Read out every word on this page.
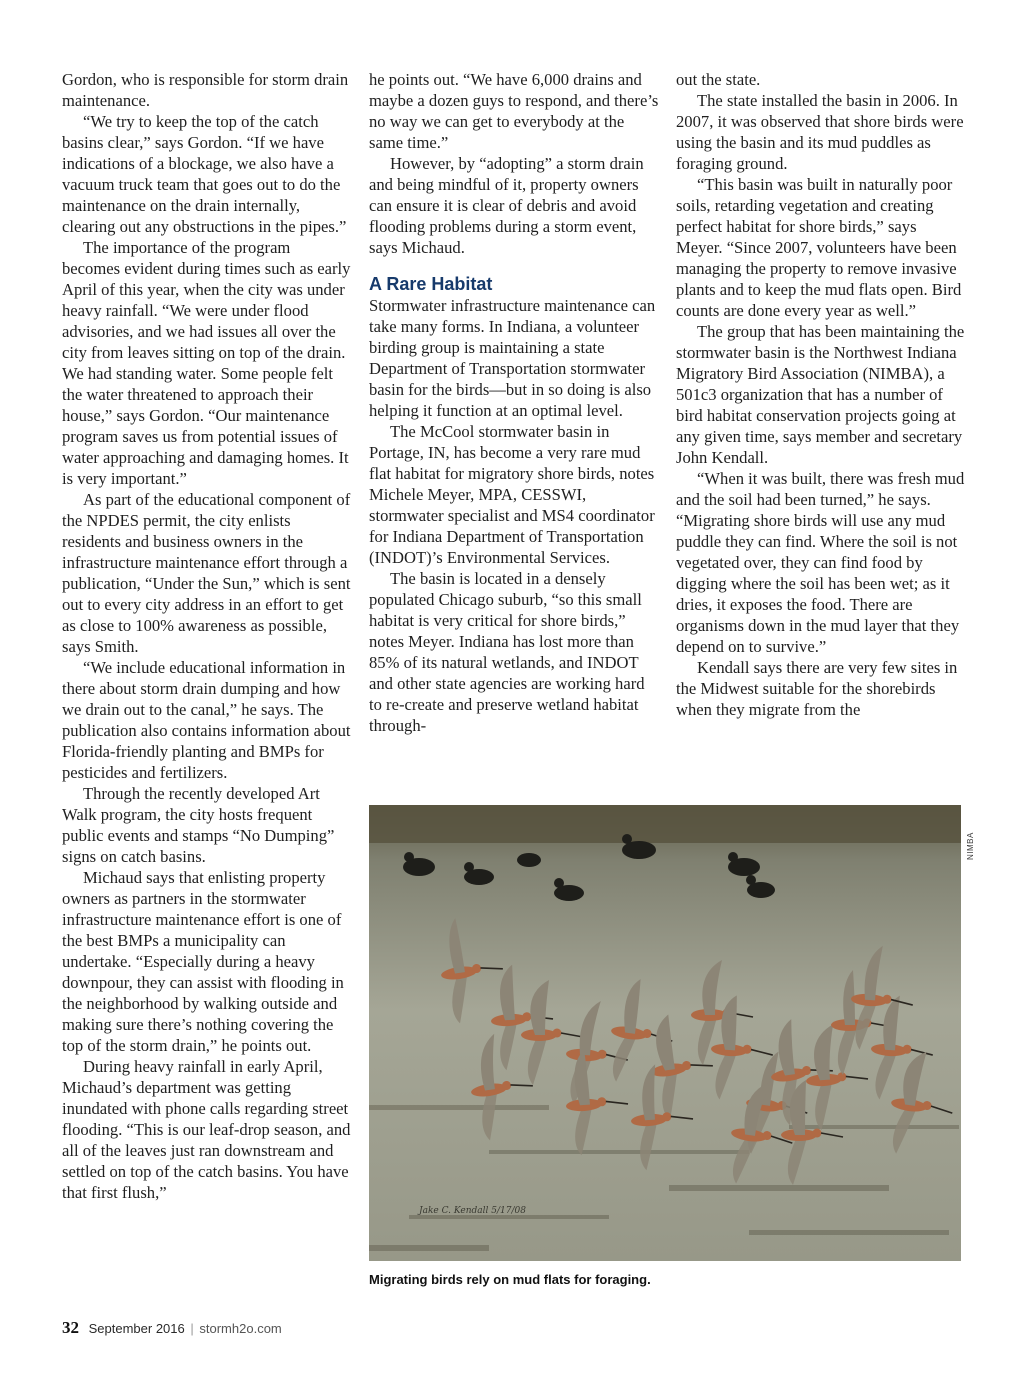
Gordon, who is responsible for storm drain maintenance.

“We try to keep the top of the catch basins clear,” says Gordon. “If we have indications of a blockage, we also have a vacuum truck team that goes out to do the maintenance on the drain internally, clearing out any obstructions in the pipes.”

The importance of the program becomes evident during times such as early April of this year, when the city was under heavy rainfall. “We were under flood advisories, and we had issues all over the city from leaves sitting on top of the drain. We had standing water. Some people felt the water threatened to approach their house,” says Gordon. “Our maintenance program saves us from potential issues of water approaching and damaging homes. It is very important.”

As part of the educational component of the NPDES permit, the city enlists residents and business owners in the infrastructure maintenance effort through a publication, “Under the Sun,” which is sent out to every city address in an effort to get as close to 100% awareness as possible, says Smith.

“We include educational information in there about storm drain dumping and how we drain out to the canal,” he says. The publication also contains information about Florida-friendly planting and BMPs for pesticides and fertilizers.

Through the recently developed Art Walk program, the city hosts frequent public events and stamps “No Dumping” signs on catch basins.

Michaud says that enlisting property owners as partners in the stormwater infrastructure maintenance effort is one of the best BMPs a municipality can undertake. “Especially during a heavy downpour, they can assist with flooding in the neighborhood by walking outside and making sure there’s nothing covering the top of the storm drain,” he points out.

During heavy rainfall in early April, Michaud’s department was getting inundated with phone calls regarding street flooding. “This is our leaf-drop season, and all of the leaves just ran downstream and settled on top of the catch basins. You have that first flush,”

he points out. “We have 6,000 drains and maybe a dozen guys to respond, and there’s no way we can get to everybody at the same time.”

However, by “adopting” a storm drain and being mindful of it, property owners can ensure it is clear of debris and avoid flooding problems during a storm event, says Michaud.

A Rare Habitat

Stormwater infrastructure maintenance can take many forms. In Indiana, a volunteer birding group is maintaining a state Department of Transportation stormwater basin for the birds—but in so doing is also helping it function at an optimal level.

The McCool stormwater basin in Portage, IN, has become a very rare mud flat habitat for migratory shore birds, notes Michele Meyer, MPA, CESSWI, stormwater specialist and MS4 coordinator for Indiana Department of Transportation (INDOT)’s Environmental Services.

The basin is located in a densely populated Chicago suburb, “so this small habitat is very critical for shore birds,” notes Meyer. Indiana has lost more than 85% of its natural wetlands, and INDOT and other state agencies are working hard to re-create and preserve wetland habitat through-

out the state.

The state installed the basin in 2006. In 2007, it was observed that shore birds were using the basin and its mud puddles as foraging ground.

“This basin was built in naturally poor soils, retarding vegetation and creating perfect habitat for shore birds,” says Meyer. “Since 2007, volunteers have been managing the property to remove invasive plants and to keep the mud flats open. Bird counts are done every year as well.”

The group that has been maintaining the stormwater basin is the Northwest Indiana Migratory Bird Association (NIMBA), a 501c3 organization that has a number of bird habitat conservation projects going at any given time, says member and secretary John Kendall.

“When it was built, there was fresh mud and the soil had been turned,” he says. “Migrating shore birds will use any mud puddle they can find. Where the soil is not vegetated over, they can find food by digging where the soil has been wet; as it dries, it exposes the food. There are organisms down in the mud layer that they depend on to survive.”

Kendall says there are very few sites in the Midwest suitable for the shorebirds when they migrate from the

Jake C. Kendall 5/17/08
NIMBA
Migrating birds rely on mud flats for foraging.
32 September 2016 | stormh2o.com
